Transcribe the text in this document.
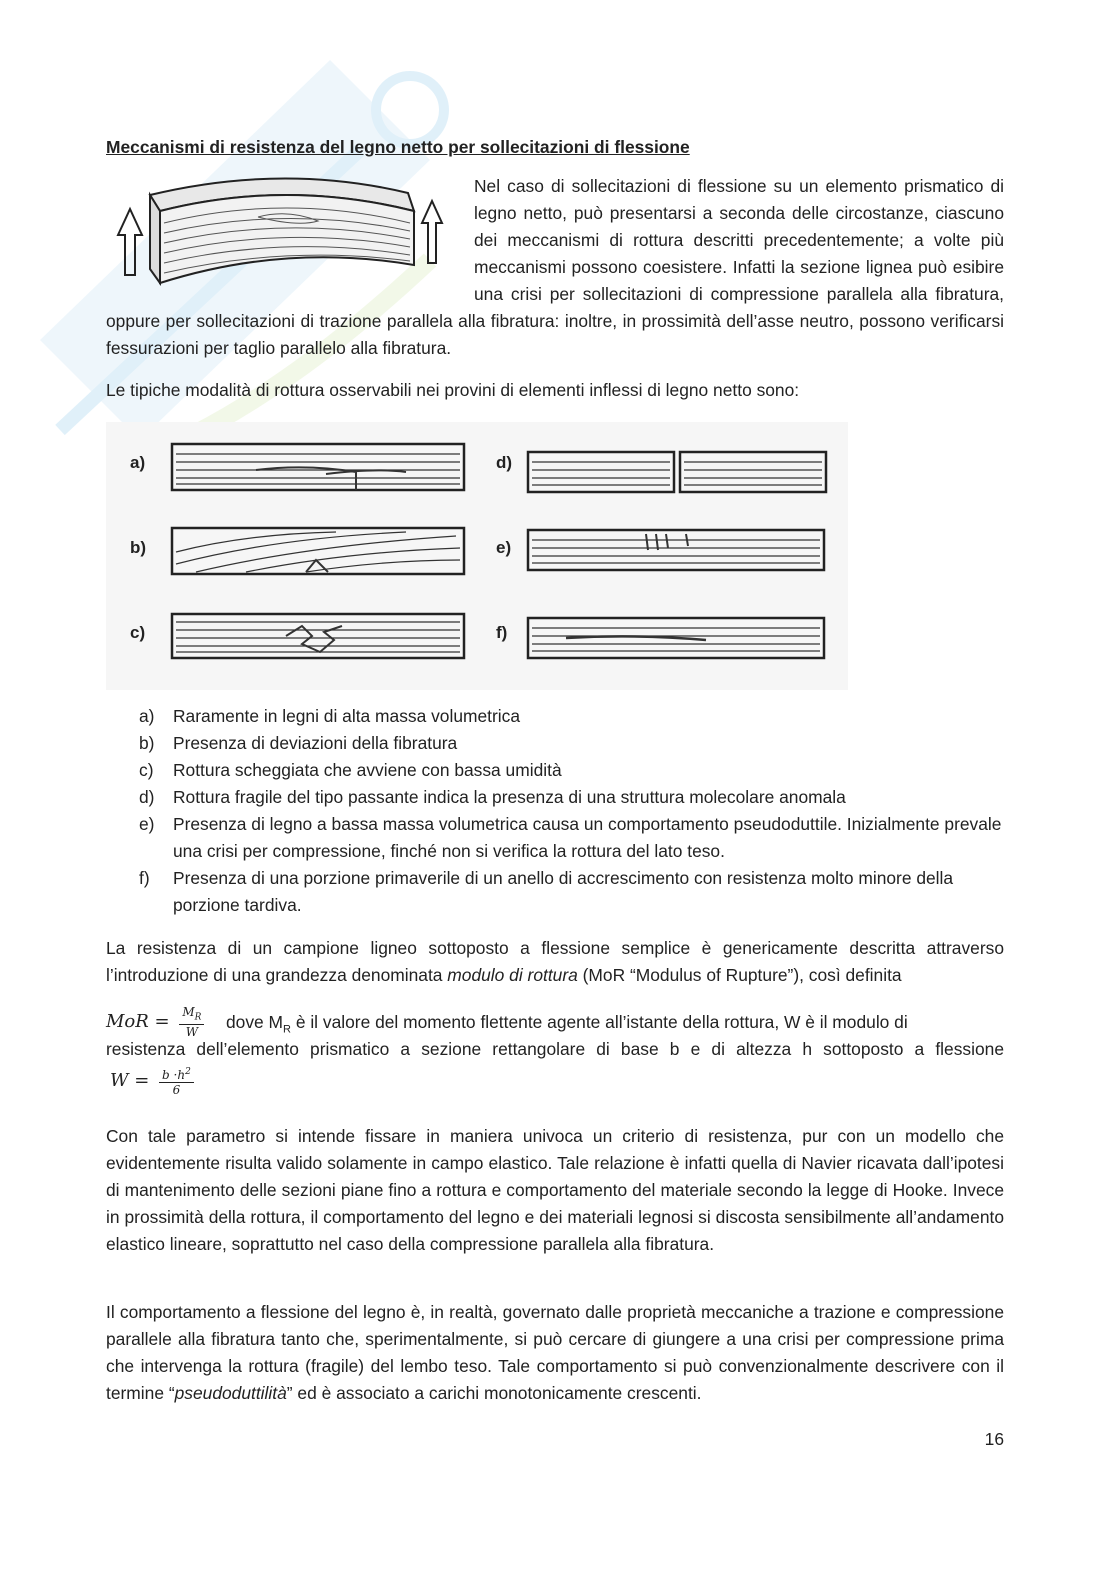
Meccanismi di resistenza del legno netto per sollecitazioni di flessione

Nel caso di sollecitazioni di flessione su un elemento prismatico di legno netto, può presentarsi a seconda delle circostanze, ciascuno dei meccanismi di rottura descritti precedentemente; a volte più meccanismi possono coesistere. Infatti la sezione lignea può esibire una crisi per sollecitazioni di compressione parallela alla fibratura, oppure per sollecitazioni di trazione parallela alla fibratura: inoltre, in prossimità dell’asse neutro, possono verificarsi fessurazioni per taglio parallelo alla fibratura.

Le tipiche modalità di rottura osservabili nei provini di elementi inflessi di legno netto sono:

a)
b)
c)
d)
e)
f)
a) Raramente in legni di alta massa volumetrica
b) Presenza di deviazioni della fibratura
c) Rottura scheggiata che avviene con bassa umidità
d) Rottura fragile del tipo passante indica la presenza di una struttura molecolare anomala
e) Presenza di legno a bassa massa volumetrica causa un comportamento pseudoduttile. Inizialmente prevale una crisi per compressione, finché non si verifica la rottura del lato teso.
f) Presenza di una porzione primaverile di un anello di accrescimento con resistenza molto minore della porzione tardiva.

La resistenza di un campione ligneo sottoposto a flessione semplice è genericamente descritta attraverso l’introduzione di una grandezza denominata modulo di rottura (MoR “Modulus of Rupture”), così definita

MoR = $\frac{M_R}{W}$ dove $M_R$ è il valore del momento flettente agente all’istante della rottura, W è il modulo di

resistenza dell’elemento prismatico a sezione rettangolare di base b e di altezza h sottoposto a flessione

$W = \frac{b \cdot h^2}{6}$

Con tale parametro si intende fissare in maniera univoca un criterio di resistenza, pur con un modello che evidentemente risulta valido solamente in campo elastico. Tale relazione è infatti quella di Navier ricavata dall’ipotesi di mantenimento delle sezioni piane fino a rottura e comportamento del materiale secondo la legge di Hooke. Invece in prossimità della rottura, il comportamento del legno e dei materiali legnosi si discosta sensibilmente all’andamento elastico lineare, soprattutto nel caso della compressione parallela alla fibratura.

Il comportamento a flessione del legno è, in realtà, governato dalle proprietà meccaniche a trazione e compressione parallele alla fibratura tanto che, sperimentalmente, si può cercare di giungere a una crisi per compressione prima che intervenga la rottura (fragile) del lembo teso. Tale comportamento si può convenzionalmente descrivere con il termine “pseudoduttilità” ed è associato a carichi monotonicamente crescenti.

16
